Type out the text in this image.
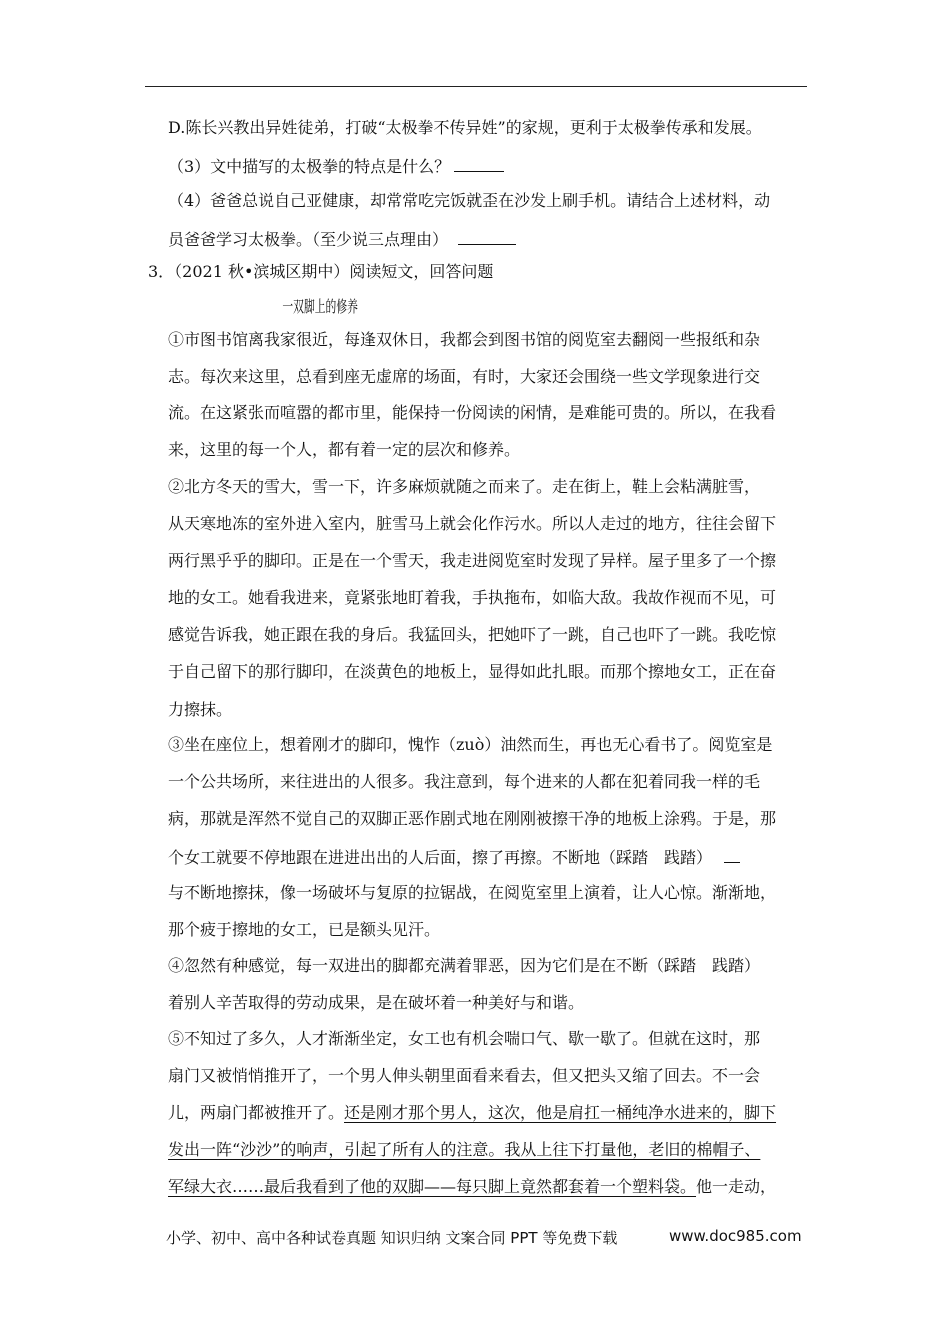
D.陈长兴教出异姓徒弟，打破“太极拳不传异姓”的家规，更利于太极拳传承和发展。
（3）文中描写的太极拳的特点是什么？
（4）爸爸总说自己亚健康，却常常吃完饭就歪在沙发上刷手机。请结合上述材料，动
员爸爸学习太极拳。（至少说三点理由）
3．（2021 秋•滨城区期中）阅读短文，回答问题
一双脚上的修养
①市图书馆离我家很近，每逢双休日，我都会到图书馆的阅览室去翻阅一些报纸和杂
志。每次来这里，总看到座无虚席的场面，有时，大家还会围绕一些文学现象进行交
流。在这紧张而喧嚣的都市里，能保持一份阅读的闲情，是难能可贵的。所以，在我看
来，这里的每一个人，都有着一定的层次和修养。
②北方冬天的雪大，雪一下，许多麻烦就随之而来了。走在街上，鞋上会粘满脏雪，
从天寒地冻的室外进入室内，脏雪马上就会化作污水。所以人走过的地方，往往会留下
两行黑乎乎的脚印。正是在一个雪天，我走进阅览室时发现了异样。屋子里多了一个擦
地的女工。她看我进来，竟紧张地盯着我，手执拖布，如临大敌。我故作视而不见，可
感觉告诉我，她正跟在我的身后。我猛回头，把她吓了一跳，自己也吓了一跳。我吃惊
于自己留下的那行脚印，在淡黄色的地板上，显得如此扎眼。而那个擦地女工，正在奋
力擦抹。
③坐在座位上，想着刚才的脚印，愧怍（zuò）油然而生，再也无心看书了。阅览室是
一个公共场所，来往进出的人很多。我注意到，每个进来的人都在犯着同我一样的毛
病，那就是浑然不觉自己的双脚正恶作剧式地在刚刚被擦干净的地板上涂鸦。于是，那
个女工就要不停地跟在进进出出的人后面，擦了再擦。不断地（踩踏　践踏）
与不断地擦抹，像一场破坏与复原的拉锯战，在阅览室里上演着，让人心惊。渐渐地，
那个疲于擦地的女工，已是额头见汗。
④忽然有种感觉，每一双进出的脚都充满着罪恶，因为它们是在不断（踩踏　践踏）
着别人辛苦取得的劳动成果，是在破坏着一种美好与和谐。
⑤不知过了多久，人才渐渐坐定，女工也有机会喘口气、歇一歇了。但就在这时，那
扇门又被悄悄推开了，一个男人伸头朝里面看来看去，但又把头又缩了回去。不一会
儿，两扇门都被推开了。还是刚才那个男人，这次，他是肩扛一桶纯净水进来的，脚下
发出一阵“沙沙”的响声，引起了所有人的注意。我从上往下打量他，老旧的棉帽子、
军绿大衣……最后我看到了他的双脚——每只脚上竟然都套着一个塑料袋。他一走动，
小学、初中、高中各种试卷真题 知识归纳 文案合同 PPT 等免费下载	www.doc985.com
